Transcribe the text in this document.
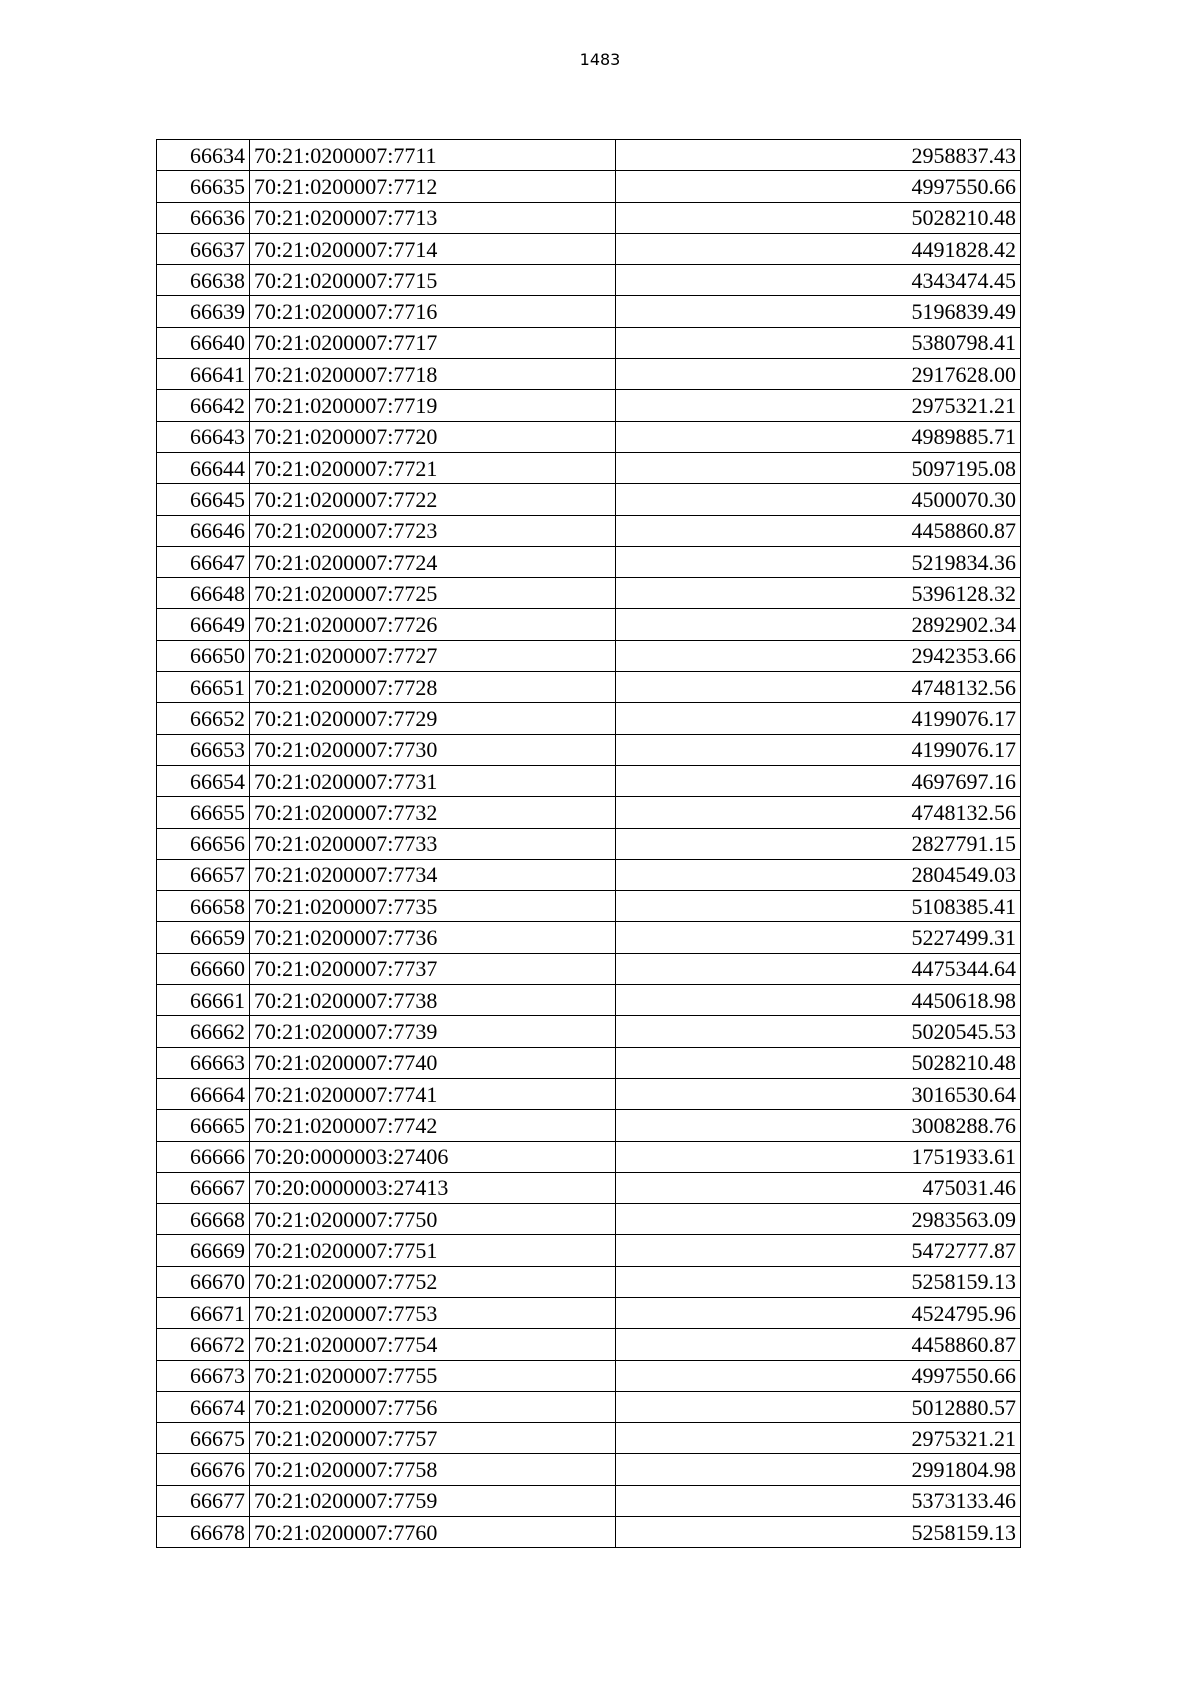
1483
66634	70:21:0200007:7711	2958837.43
66635	70:21:0200007:7712	4997550.66
66636	70:21:0200007:7713	5028210.48
66637	70:21:0200007:7714	4491828.42
66638	70:21:0200007:7715	4343474.45
66639	70:21:0200007:7716	5196839.49
66640	70:21:0200007:7717	5380798.41
66641	70:21:0200007:7718	2917628.00
66642	70:21:0200007:7719	2975321.21
66643	70:21:0200007:7720	4989885.71
66644	70:21:0200007:7721	5097195.08
66645	70:21:0200007:7722	4500070.30
66646	70:21:0200007:7723	4458860.87
66647	70:21:0200007:7724	5219834.36
66648	70:21:0200007:7725	5396128.32
66649	70:21:0200007:7726	2892902.34
66650	70:21:0200007:7727	2942353.66
66651	70:21:0200007:7728	4748132.56
66652	70:21:0200007:7729	4199076.17
66653	70:21:0200007:7730	4199076.17
66654	70:21:0200007:7731	4697697.16
66655	70:21:0200007:7732	4748132.56
66656	70:21:0200007:7733	2827791.15
66657	70:21:0200007:7734	2804549.03
66658	70:21:0200007:7735	5108385.41
66659	70:21:0200007:7736	5227499.31
66660	70:21:0200007:7737	4475344.64
66661	70:21:0200007:7738	4450618.98
66662	70:21:0200007:7739	5020545.53
66663	70:21:0200007:7740	5028210.48
66664	70:21:0200007:7741	3016530.64
66665	70:21:0200007:7742	3008288.76
66666	70:20:0000003:27406	1751933.61
66667	70:20:0000003:27413	475031.46
66668	70:21:0200007:7750	2983563.09
66669	70:21:0200007:7751	5472777.87
66670	70:21:0200007:7752	5258159.13
66671	70:21:0200007:7753	4524795.96
66672	70:21:0200007:7754	4458860.87
66673	70:21:0200007:7755	4997550.66
66674	70:21:0200007:7756	5012880.57
66675	70:21:0200007:7757	2975321.21
66676	70:21:0200007:7758	2991804.98
66677	70:21:0200007:7759	5373133.46
66678	70:21:0200007:7760	5258159.13
